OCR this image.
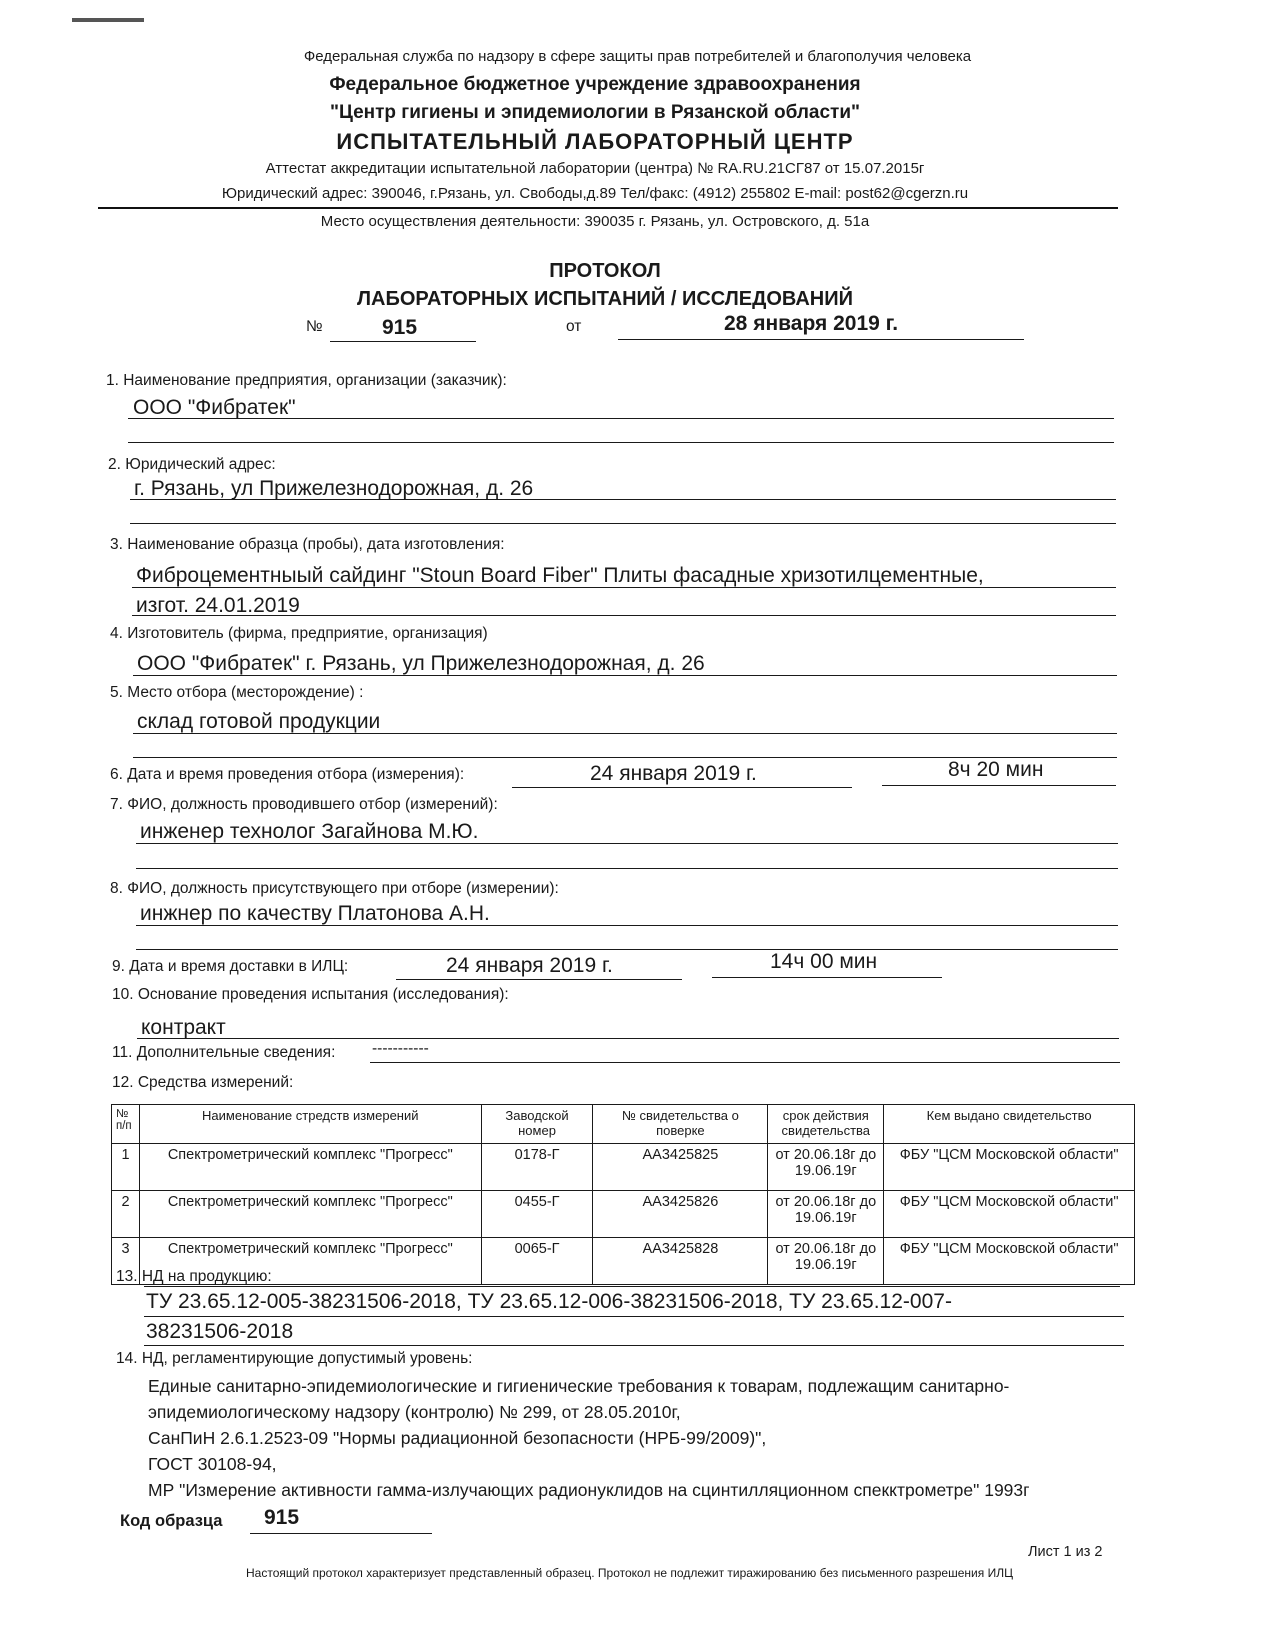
Федеральная служба по надзору в сфере защиты прав потребителей и благополучия человека
Федеральное бюджетное учреждение здравоохранения
"Центр гигиены и эпидемиологии в Рязанской области"
ИСПЫТАТЕЛЬНЫЙ ЛАБОРАТОРНЫЙ ЦЕНТР
Аттестат аккредитации испытательной лаборатории (центра) № RA.RU.21СГ87 от 15.07.2015г
Юридический адрес: 390046, г.Рязань, ул. Свободы,д.89 Тел/факс: (4912) 255802 E-mail: post62@cgerzn.ru
Место осуществления деятельности: 390035 г. Рязань, ул. Островского, д. 51а
ПРОТОКОЛ
ЛАБОРАТОРНЫХ ИСПЫТАНИЙ / ИССЛЕДОВАНИЙ
№	915	от	28 января 2019 г.
1. Наименование предприятия, организации (заказчик):
ООО "Фибратек"
2. Юридический адрес:
г. Рязань, ул Прижелезнодорожная, д. 26
3. Наименование образца (пробы), дата изготовления:
Фиброцементныый сайдинг "Stoun Board Fiber" Плиты фасадные хризотилцементные,
изгот. 24.01.2019
4. Изготовитель (фирма, предприятие, организация)
ООО "Фибратек" г. Рязань, ул Прижелезнодорожная, д. 26
5. Место отбора (месторождение) :
склад готовой продукции
6. Дата и время проведения отбора (измерения):	24 января 2019 г.	8ч 20 мин
7. ФИО, должность проводившего отбор (измерений):
инженер технолог Загайнова М.Ю.
8. ФИО, должность присутствующего при отборе (измерении):
инжнер по качеству Платонова А.Н.
9. Дата и время доставки в ИЛЦ:	24 января 2019 г.	14ч 00 мин
10. Основание проведения испытания (исследования):
контракт
11. Дополнительные сведения: -----------
12. Средства измерений:
№ п/п	Наименование стредств измерений	Заводской номер	№ свидетельства о поверке	срок действия свидетельства	Кем выдано свидетельство
1	Спектрометрический комплекс "Прогресс"	0178-Г	АА3425825	от 20.06.18г до 19.06.19г	ФБУ "ЦСМ Московской области"
2	Спектрометрический комплекс "Прогресс"	0455-Г	АА3425826	от 20.06.18г до 19.06.19г	ФБУ "ЦСМ Московской области"
3	Спектрометрический комплекс "Прогресс"	0065-Г	АА3425828	от 20.06.18г до 19.06.19г	ФБУ "ЦСМ Московской области"
13. НД на продукцию:
ТУ 23.65.12-005-38231506-2018, ТУ 23.65.12-006-38231506-2018, ТУ 23.65.12-007-
38231506-2018
14. НД, регламентирующие допустимый уровень:
Единые санитарно-эпидемиологические и гигиенические требования к товарам, подлежащим санитарно-
эпидемиологическому надзору (контролю) № 299, от 28.05.2010г,
СанПиН 2.6.1.2523-09 "Нормы радиационной безопасности (НРБ-99/2009)",
ГОСТ 30108-94,
МР "Измерение активности гамма-излучающих радионуклидов на сцинтилляционном спекктрометре" 1993г
Код образца 915
Лист 1 из 2
Настоящий протокол характеризует представленный образец. Протокол не подлежит тиражированию без письменного разрешения ИЛЦ
